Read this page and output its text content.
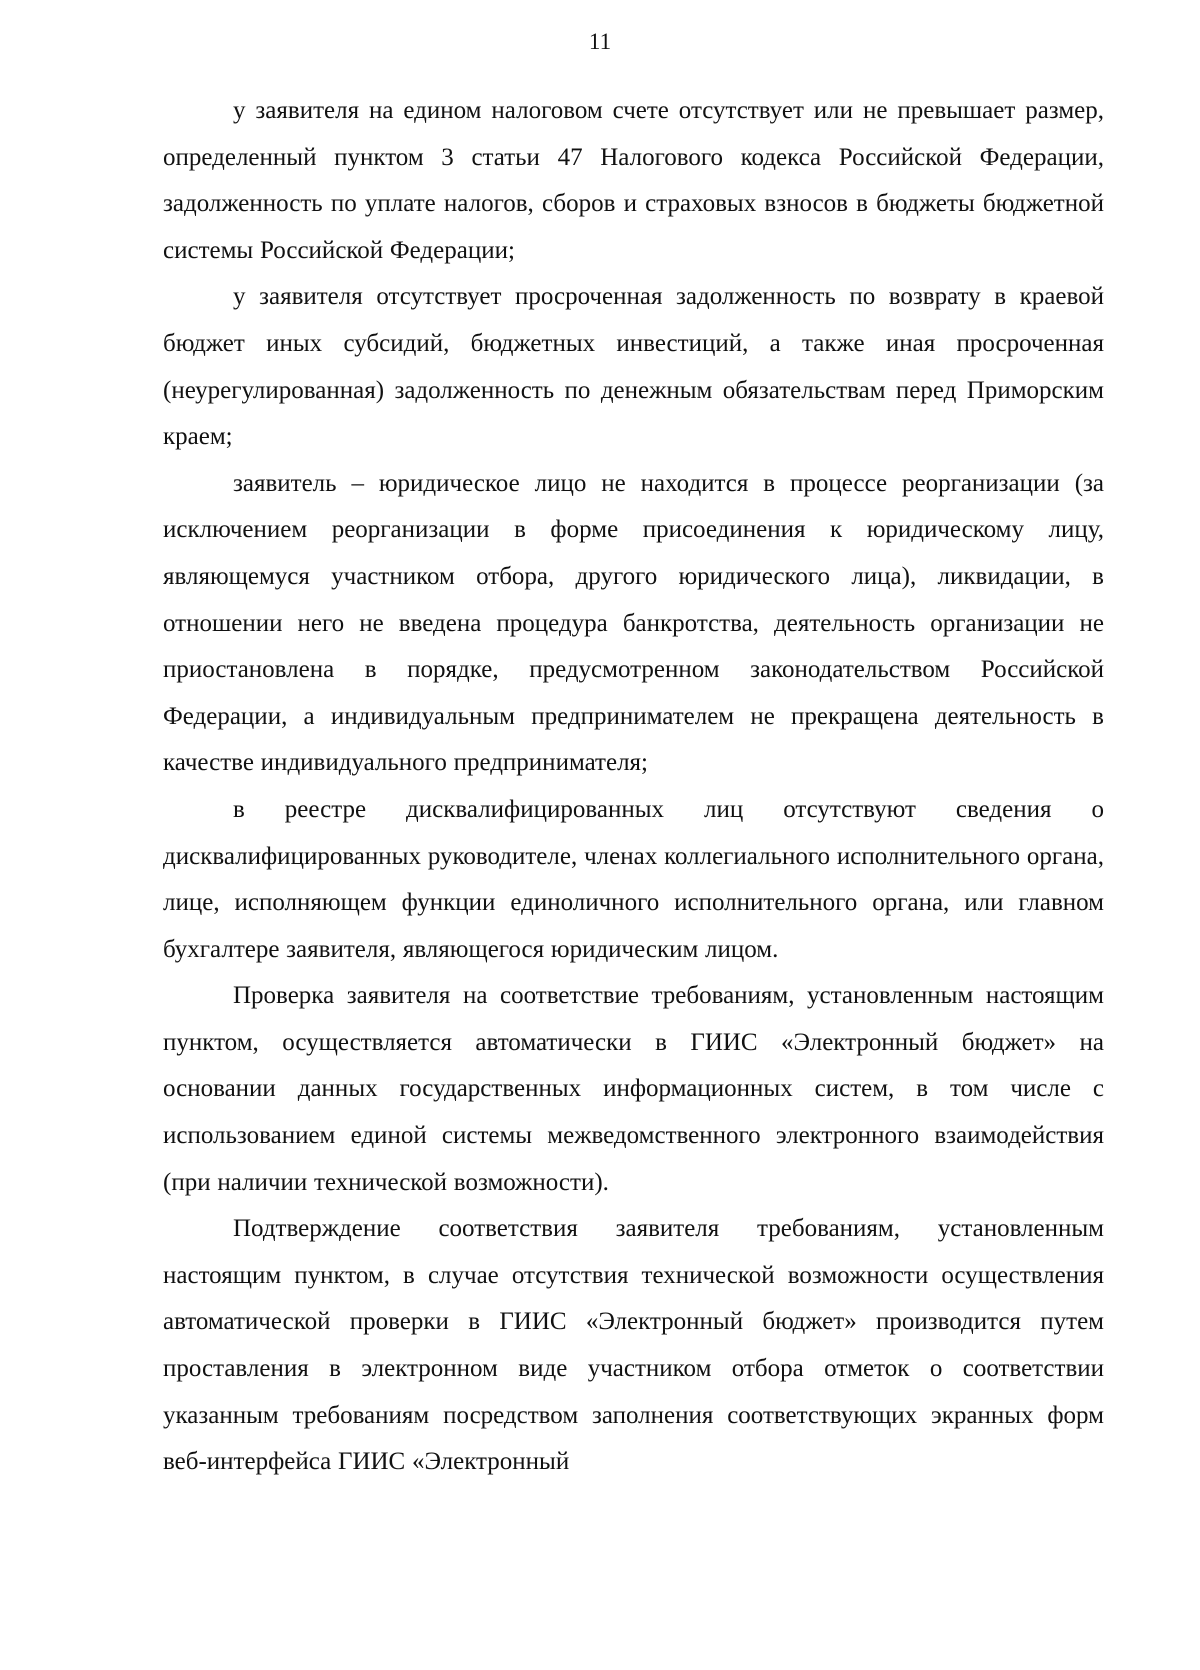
11

у заявителя на едином налоговом счете отсутствует или не превышает размер, определенный пунктом 3 статьи 47 Налогового кодекса Российской Федерации, задолженность по уплате налогов, сборов и страховых взносов в бюджеты бюджетной системы Российской Федерации;

у заявителя отсутствует просроченная задолженность по возврату в краевой бюджет иных субсидий, бюджетных инвестиций, а также иная просроченная (неурегулированная) задолженность по денежным обязательствам перед Приморским краем;

заявитель – юридическое лицо не находится в процессе реорганизации (за исключением реорганизации в форме присоединения к юридическому лицу, являющемуся участником отбора, другого юридического лица), ликвидации, в отношении него не введена процедура банкротства, деятельность организации не приостановлена в порядке, предусмотренном законодательством Российской Федерации, а индивидуальным предпринимателем не прекращена деятельность в качестве индивидуального предпринимателя;

в реестре дисквалифицированных лиц отсутствуют сведения о дисквалифицированных руководителе, членах коллегиального исполнительного органа, лице, исполняющем функции единоличного исполнительного органа, или главном бухгалтере заявителя, являющегося юридическим лицом.

Проверка заявителя на соответствие требованиям, установленным настоящим пунктом, осуществляется автоматически в ГИИС «Электронный бюджет» на основании данных государственных информационных систем, в том числе с использованием единой системы межведомственного электронного взаимодействия (при наличии технической возможности).

Подтверждение соответствия заявителя требованиям, установленным настоящим пунктом, в случае отсутствия технической возможности осуществления автоматической проверки в ГИИС «Электронный бюджет» производится путем проставления в электронном виде участником отбора отметок о соответствии указанным требованиям посредством заполнения соответствующих экранных форм веб-интерфейса ГИИС «Электронный
